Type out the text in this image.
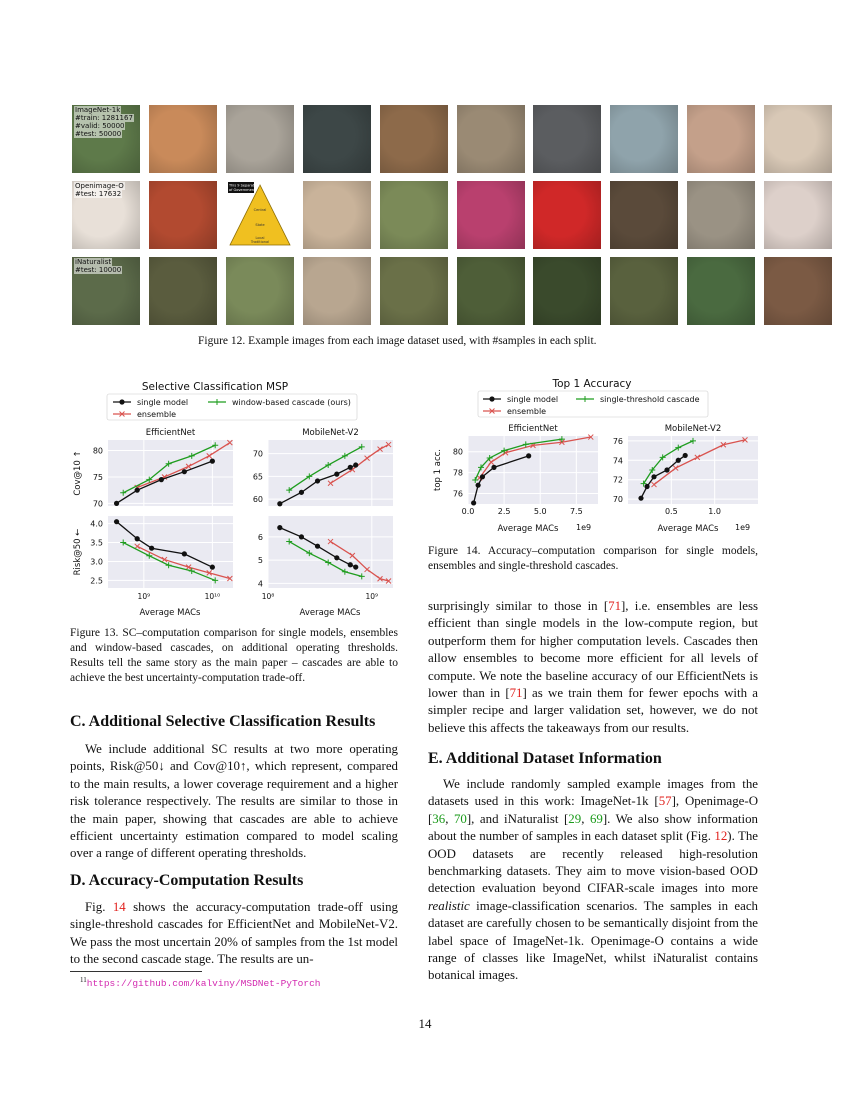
ImageNet-1k
#train: 1281167
#valid: 50000
#test: 50000
Openimage-O
#test: 17632
This 9 Separation
of Government
Central
State
Local
Traditional
iNaturalist
#test: 10000
Figure 12. Example images from each image dataset used, with #samples in each split.
Selective Classification MSP
single model	window-based cascade (ours)
ensemble
70
75
80
EfficientNet
Cov@10 ↑
60
65
70
MobileNet-V2
2.5
3.0
3.5
4.0
10⁹	10¹⁰
Risk@50 ←
4
5
6
10⁸	10⁹
Average MACs	Average MACs
Figure 13. SC–computation comparison for single models, ensembles and window-based cascades, on additional operating thresholds. Results tell the same story as the main paper – cascades are able to achieve the best uncertainty-computation trade-off.
Top 1 Accuracy
single model	single-threshold cascade
ensemble
76
78
80
0.0	2.5	5.0	7.5
EfficientNet
top 1 acc.
70
72
74
76
0.5	1.0
MobileNet-V2
Average MACs 1e9	Average MACs 1e9
Figure 14. Accuracy–computation comparison for single models, ensembles and single-threshold cascades.
C. Additional Selective Classification Results

We include additional SC results at two more operating points, Risk@50↓ and Cov@10↑, which represent, compared to the main results, a lower coverage requirement and a higher risk tolerance respectively. The results are similar to those in the main paper, showing that cascades are able to achieve efficient uncertainty estimation compared to model scaling over a range of different operating thresholds.

D. Accuracy-Computation Results

Fig. 14 shows the accuracy-computation trade-off using single-threshold cascades for EfficientNet and MobileNet-V2. We pass the most uncertain 20% of samples from the 1st model to the second cascade stage. The results are un-

$^{11}$https://github.com/kalviny/MSDNet-PyTorch

surprisingly similar to those in [71], i.e. ensembles are less efficient than single models in the low-compute region, but outperform them for higher computation levels. Cascades then allow ensembles to become more efficient for all levels of compute. We note the baseline accuracy of our EfficientNets is lower than in [71] as we train them for fewer epochs with a simpler recipe and larger validation set, however, we do not believe this affects the takeaways from our results.

E. Additional Dataset Information

We include randomly sampled example images from the datasets used in this work: ImageNet-1k [57], Openimage-O [36, 70], and iNaturalist [29, 69]. We also show information about the number of samples in each dataset split (Fig. 12). The OOD datasets are recently released high-resolution benchmarking datasets. They aim to move vision-based OOD detection evaluation beyond CIFAR-scale images into more realistic image-classification scenarios. The samples in each dataset are carefully chosen to be semantically disjoint from the label space of ImageNet-1k. Openimage-O contains a wide range of classes like ImageNet, whilst iNaturalist contains botanical images.

14
